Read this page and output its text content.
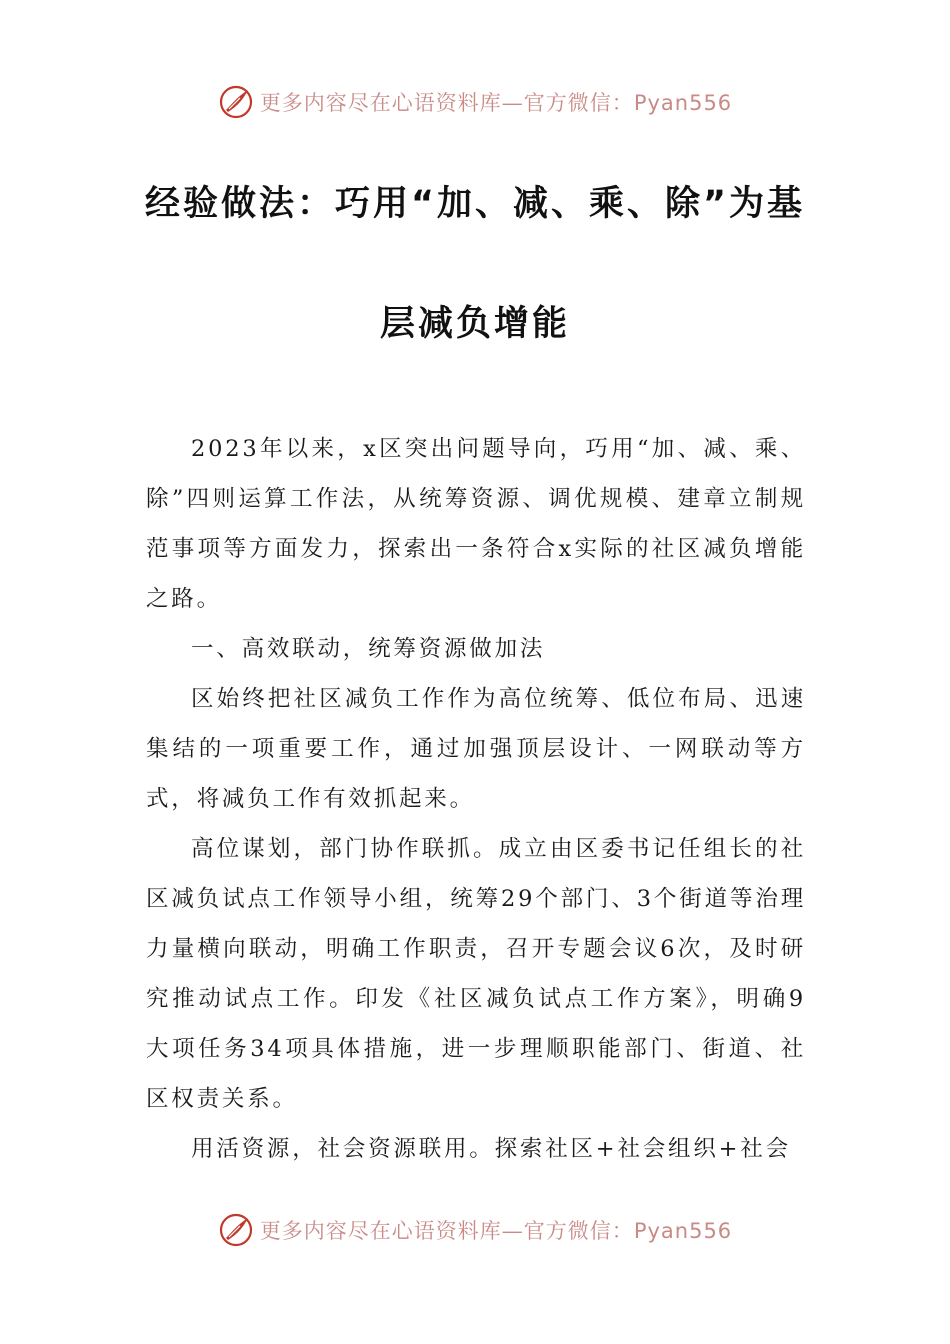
更多内容尽在心语资料库—官方微信：Pyan556
经验做法：巧用“加、减、乘、除”为基
层减负增能

2023年以来，x区突出问题导向，巧用“加、减、乘、除”四则运算工作法，从统筹资源、调优规模、建章立制规范事项等方面发力，探索出一条符合x实际的社区减负增能之路。

一、高效联动，统筹资源做加法

区始终把社区减负工作作为高位统筹、低位布局、迅速集结的一项重要工作，通过加强顶层设计、一网联动等方式，将减负工作有效抓起来。

高位谋划，部门协作联抓。成立由区委书记任组长的社区减负试点工作领导小组，统筹29个部门、3个街道等治理力量横向联动，明确工作职责，召开专题会议6次，及时研究推动试点工作。印发《社区减负试点工作方案》，明确9大项任务34项具体措施，进一步理顺职能部门、街道、社区权责关系。

用活资源，社会资源联用。探索社区+社会组织+社会

更多内容尽在心语资料库—官方微信：Pyan556
